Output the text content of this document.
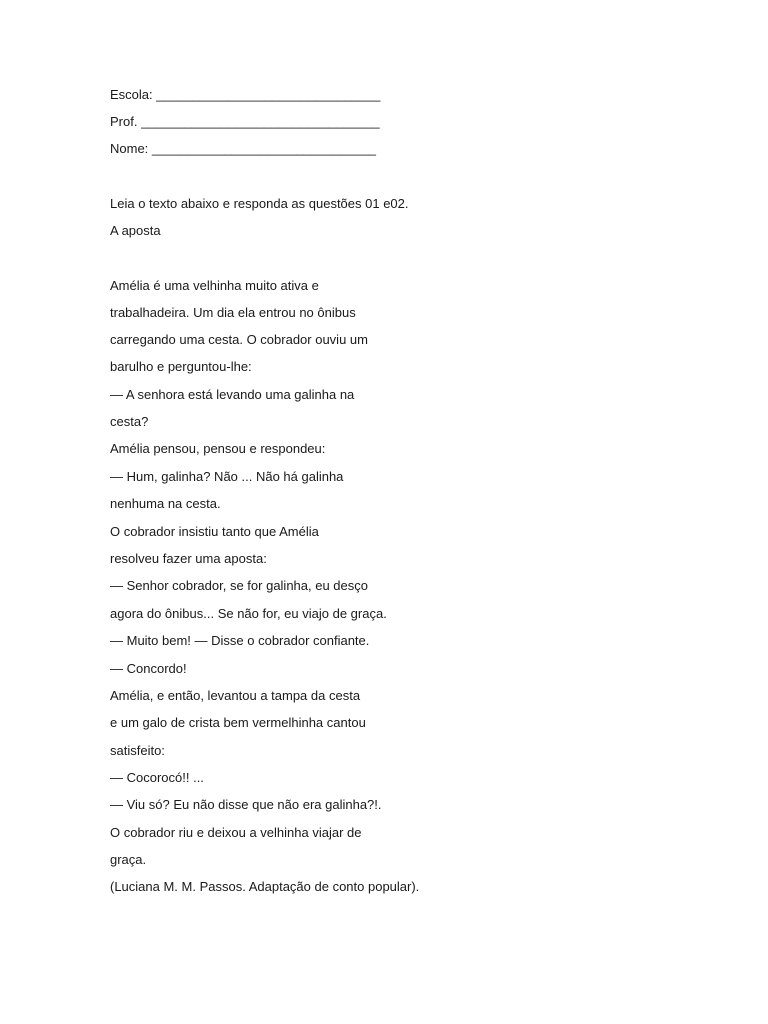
Escola: _______________________________
Prof. _________________________________
Nome: _______________________________
Leia o texto abaixo e responda as questões 01 e02.
A aposta
Amélia é uma velhinha muito ativa e
trabalhadeira. Um dia ela entrou no ônibus
carregando uma cesta. O cobrador ouviu um
barulho e perguntou-lhe:
— A senhora está levando uma galinha na
cesta?
Amélia pensou, pensou e respondeu:
— Hum, galinha? Não ... Não há galinha
nenhuma na cesta.
O cobrador insistiu tanto que Amélia
resolveu fazer uma aposta:
— Senhor cobrador, se for galinha, eu desço
agora do ônibus... Se não for, eu viajo de graça.
— Muito bem! — Disse o cobrador confiante.
— Concordo!
Amélia, e então, levantou a tampa da cesta
e um galo de crista bem vermelhinha cantou
satisfeito:
— Cocorocó!! ...
— Viu só? Eu não disse que não era galinha?!.
O cobrador riu e deixou a velhinha viajar de
graça.
(Luciana M. M. Passos. Adaptação de conto popular).
